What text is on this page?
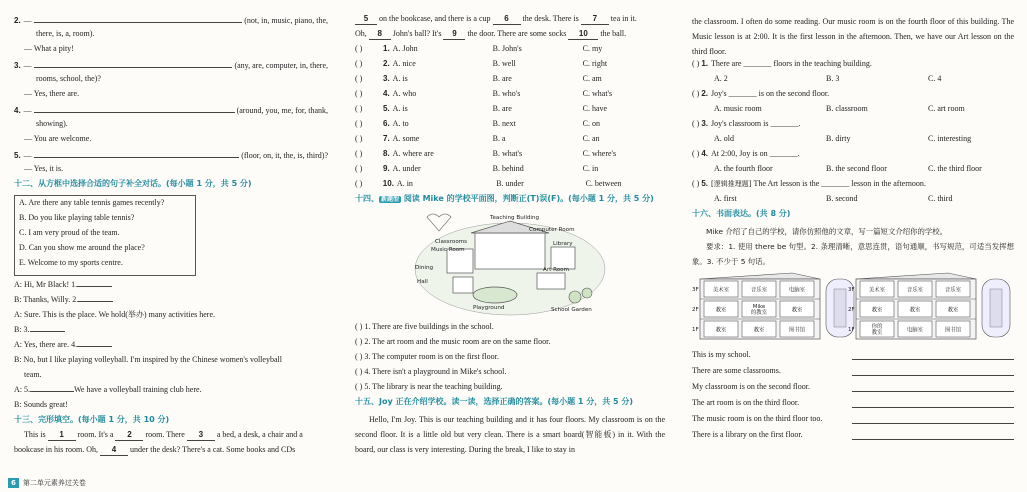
2. —	(not, in, music, piano, the,
there, is, a, room).
— What a pity!
3. —	(any, are, computer, in, there,
rooms, school, the)?
— Yes, there are.
4. —	(around, you, me, for, thank,
showing).
— You are welcome.
5. —	(floor, on, it, the, is, third)?
— Yes, it is.
十二、从方框中选择合适的句子补全对话。(每小题 1 分，共 5 分)
A. Are there any table tennis games recently?
B. Do you like playing table tennis?
C. I am very proud of the team.
D. Can you show me around the place?
E. Welcome to my sports centre.
A: Hi, Mr Black! 1.
B: Thanks, Willy. 2.
A: Sure. This is the place. We hold(举办) many activities here.
B: 3.
A: Yes, there are. 4.
B: No, but I like playing volleyball. I'm inspired by the Chinese women's volleyball
team.
A: 5.	We have a volleyball training club here.
B: Sounds great!
十三、完形填空。(每小题 1 分，共 10 分)
This is
	1
	room. It's a
	2
	room. There
	3
	a bed, a desk, a chair and a
bookcase in his room. Oh,
	4
	under the desk? There's a cat. Some books and CDs
5
	on the bookcase, and there is a cup
	6
	the desk. There is
	7
	tea in it.
Oh,
	8
	John's ball? It's
	9
	the door. There are some socks
	10
	the ball.
( )	1. A. John	B. John's	C. my
( )	2. A. nice	B. well	C. right
( )	3. A. is	B. are	C. am
( )	4. A. who	B. who's	C. what's
( )	5. A. is	B. are	C. have
( )	6. A. to	B. next	C. on
( )	7. A. some	B. a	C. an
( )	8. A. where are	B. what's	C. where's
( )	9. A. under	B. behind	C. in
( )	10. A. in	B. under	C. between
十四、 新题型 阅读 Mike 的学校平面图，判断正(T)误(F)。(每小题 1 分，共 5 分)
Teaching Building
Computer Room
Classrooms
Music Room
Library
Dining
Hall
Art Room
Playground	School Garden
( ) 1. There are five buildings in the school.
( ) 2. The art room and the music room are on the same floor.
( ) 3. The computer room is on the first floor.
( ) 4. There isn't a playground in Mike's school.
( ) 5. The library is near the teaching building.
十五、Joy 正在介绍学校。读一读，选择正确的答案。(每小题 1 分，共 5 分)
Hello, I'm Joy. This is our teaching building and it has four floors. My classroom is on the second floor. It is a little old but very clean. There is a smart board(智能板) in it. With the board, our class is very interesting. During the break, I like to stay in
the classroom. I often do some reading. Our music room is on the fourth floor of this building. The Music lesson is at 2:00. It is the first lesson in the afternoon. Then, we have our Art lesson on the third floor.
( ) 1. There are _______ floors in the teaching building.
A. 2	B. 3	C. 4
( ) 2. Joy's _______ is on the second floor.
A. music room	B. classroom	C. art room
( ) 3. Joy's classroom is _______.
A. old	B. dirty	C. interesting
( ) 4. At 2:00, Joy is on _______.
A. the fourth floor	B. the second floor	C. the third floor
( ) 5. [逻辑推理题] The Art lesson is the _______ lesson in the afternoon.
A. first	B. second	C. third
十六、书面表达。(共 8 分)
Mike 介绍了自己的学校，请你仿照他的文章，写一篇短文介绍你的学校。
要求：1. 使用 there be 句型。2. 条理清晰，意思连贯，语句通顺，书写规范，可适当发挥想象。3. 不少于 5 句话。
3F
2F
1F
美术室	音乐室	电脑室
教室
Mike
的教室	教室
教室	教室	图书馆
3F
2F
1F
美术室	音乐室	音乐室
教室	教室	教室
你的
教室	电脑室	图书馆
This is my school.
There are some classrooms.
My classroom is on the second floor.
The art room is on the third floor.
The music room is on the third floor too.
There is a library on the first floor.
6	第二单元素养过关卷
